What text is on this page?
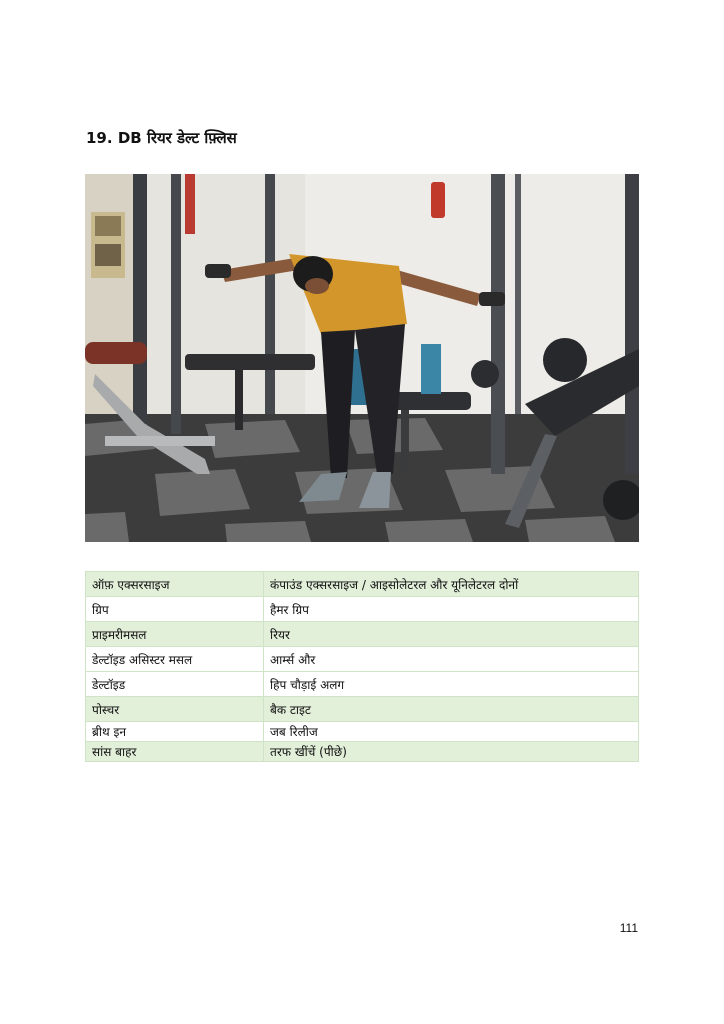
19. DB रियर डेल्ट फ़्लिस
ऑफ़ एक्सरसाइज	कंपाउंड एक्सरसाइज / आइसोलेटरल और यूनिलेटरल दोनों
ग्रिप	हैमर ग्रिप
प्राइमरीमसल	रियर
डेल्टॉइड असिस्टर मसल	आर्म्स और
डेल्टॉइड	हिप चौड़ाई अलग
पोस्चर	बैक टाइट
ब्रीथ इन	जब रिलीज
सांस बाहर	तरफ खींचें (पीछे)
111
